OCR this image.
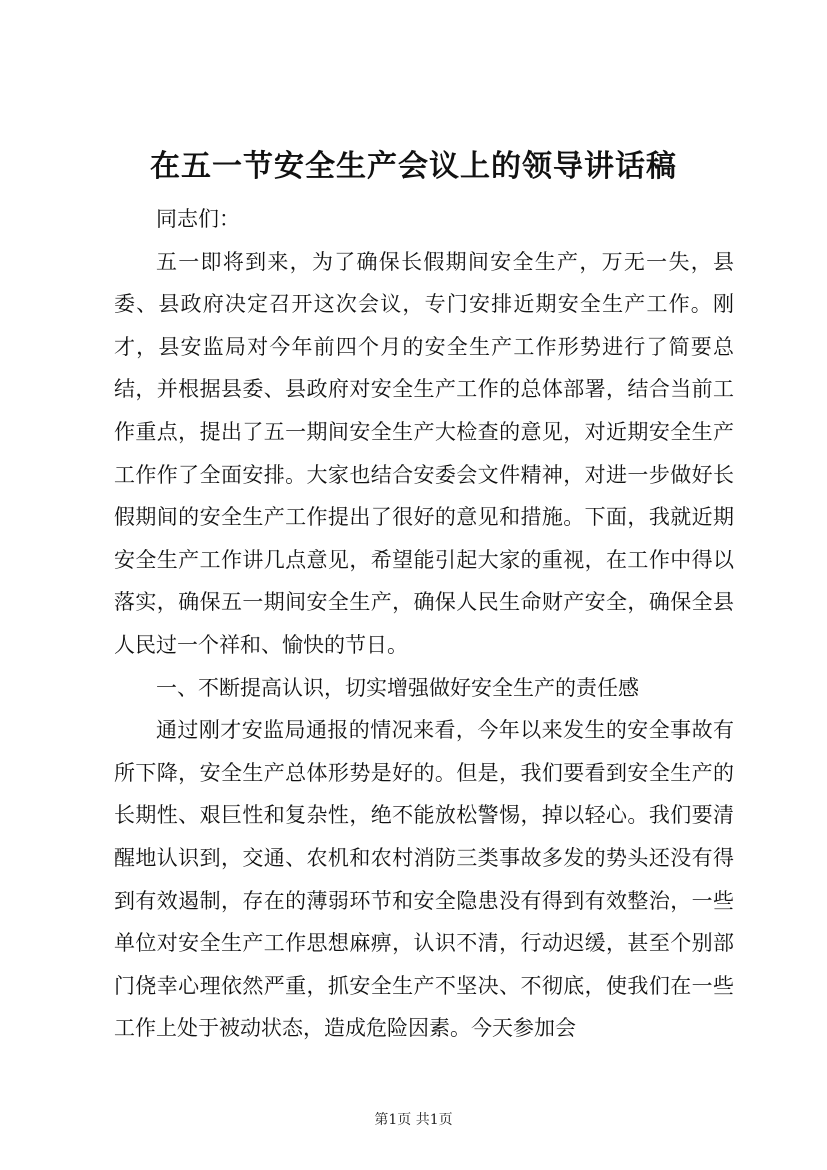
在五一节安全生产会议上的领导讲话稿

同志们：

五一即将到来，为了确保长假期间安全生产，万无一失，县委、县政府决定召开这次会议，专门安排近期安全生产工作。刚才，县安监局对今年前四个月的安全生产工作形势进行了简要总结，并根据县委、县政府对安全生产工作的总体部署，结合当前工作重点，提出了五一期间安全生产大检查的意见，对近期安全生产工作作了全面安排。大家也结合安委会文件精神，对进一步做好长假期间的安全生产工作提出了很好的意见和措施。下面，我就近期安全生产工作讲几点意见，希望能引起大家的重视，在工作中得以落实，确保五一期间安全生产，确保人民生命财产安全，确保全县人民过一个祥和、愉快的节日。

一、不断提高认识，切实增强做好安全生产的责任感

通过刚才安监局通报的情况来看，今年以来发生的安全事故有所下降，安全生产总体形势是好的。但是，我们要看到安全生产的长期性、艰巨性和复杂性，绝不能放松警惕，掉以轻心。我们要清醒地认识到，交通、农机和农村消防三类事故多发的势头还没有得到有效遏制，存在的薄弱环节和安全隐患没有得到有效整治，一些单位对安全生产工作思想麻痹，认识不清，行动迟缓，甚至个别部门侥幸心理依然严重，抓安全生产不坚决、不彻底，使我们在一些工作上处于被动状态，造成危险因素。今天参加会

第1页 共1页
